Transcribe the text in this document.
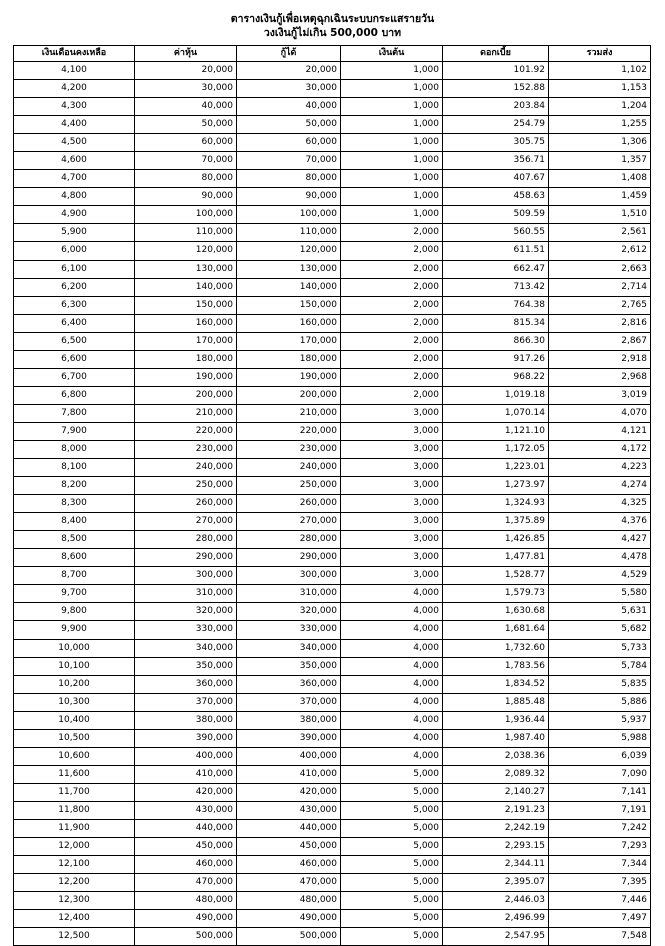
ตารางเงินกู้เพื่อเหตุฉุกเฉินระบบกระแสรายวัน
วงเงินกู้ไม่เกิน 500,000 บาท
เงินเดือนคงเหลือ	ค่าหุ้น	กู้ได้	เงินต้น	ดอกเบี้ย	รวมส่ง
4,100	20,000	20,000	1,000	101.92	1,102
4,200	30,000	30,000	1,000	152.88	1,153
4,300	40,000	40,000	1,000	203.84	1,204
4,400	50,000	50,000	1,000	254.79	1,255
4,500	60,000	60,000	1,000	305.75	1,306
4,600	70,000	70,000	1,000	356.71	1,357
4,700	80,000	80,000	1,000	407.67	1,408
4,800	90,000	90,000	1,000	458.63	1,459
4,900	100,000	100,000	1,000	509.59	1,510
5,900	110,000	110,000	2,000	560.55	2,561
6,000	120,000	120,000	2,000	611.51	2,612
6,100	130,000	130,000	2,000	662.47	2,663
6,200	140,000	140,000	2,000	713.42	2,714
6,300	150,000	150,000	2,000	764.38	2,765
6,400	160,000	160,000	2,000	815.34	2,816
6,500	170,000	170,000	2,000	866.30	2,867
6,600	180,000	180,000	2,000	917.26	2,918
6,700	190,000	190,000	2,000	968.22	2,968
6,800	200,000	200,000	2,000	1,019.18	3,019
7,800	210,000	210,000	3,000	1,070.14	4,070
7,900	220,000	220,000	3,000	1,121.10	4,121
8,000	230,000	230,000	3,000	1,172.05	4,172
8,100	240,000	240,000	3,000	1,223.01	4,223
8,200	250,000	250,000	3,000	1,273.97	4,274
8,300	260,000	260,000	3,000	1,324.93	4,325
8,400	270,000	270,000	3,000	1,375.89	4,376
8,500	280,000	280,000	3,000	1,426.85	4,427
8,600	290,000	290,000	3,000	1,477.81	4,478
8,700	300,000	300,000	3,000	1,528.77	4,529
9,700	310,000	310,000	4,000	1,579.73	5,580
9,800	320,000	320,000	4,000	1,630.68	5,631
9,900	330,000	330,000	4,000	1,681.64	5,682
10,000	340,000	340,000	4,000	1,732.60	5,733
10,100	350,000	350,000	4,000	1,783.56	5,784
10,200	360,000	360,000	4,000	1,834.52	5,835
10,300	370,000	370,000	4,000	1,885.48	5,886
10,400	380,000	380,000	4,000	1,936.44	5,937
10,500	390,000	390,000	4,000	1,987.40	5,988
10,600	400,000	400,000	4,000	2,038.36	6,039
11,600	410,000	410,000	5,000	2,089.32	7,090
11,700	420,000	420,000	5,000	2,140.27	7,141
11,800	430,000	430,000	5,000	2,191.23	7,191
11,900	440,000	440,000	5,000	2,242.19	7,242
12,000	450,000	450,000	5,000	2,293.15	7,293
12,100	460,000	460,000	5,000	2,344.11	7,344
12,200	470,000	470,000	5,000	2,395.07	7,395
12,300	480,000	480,000	5,000	2,446.03	7,446
12,400	490,000	490,000	5,000	2,496.99	7,497
12,500	500,000	500,000	5,000	2,547.95	7,548
